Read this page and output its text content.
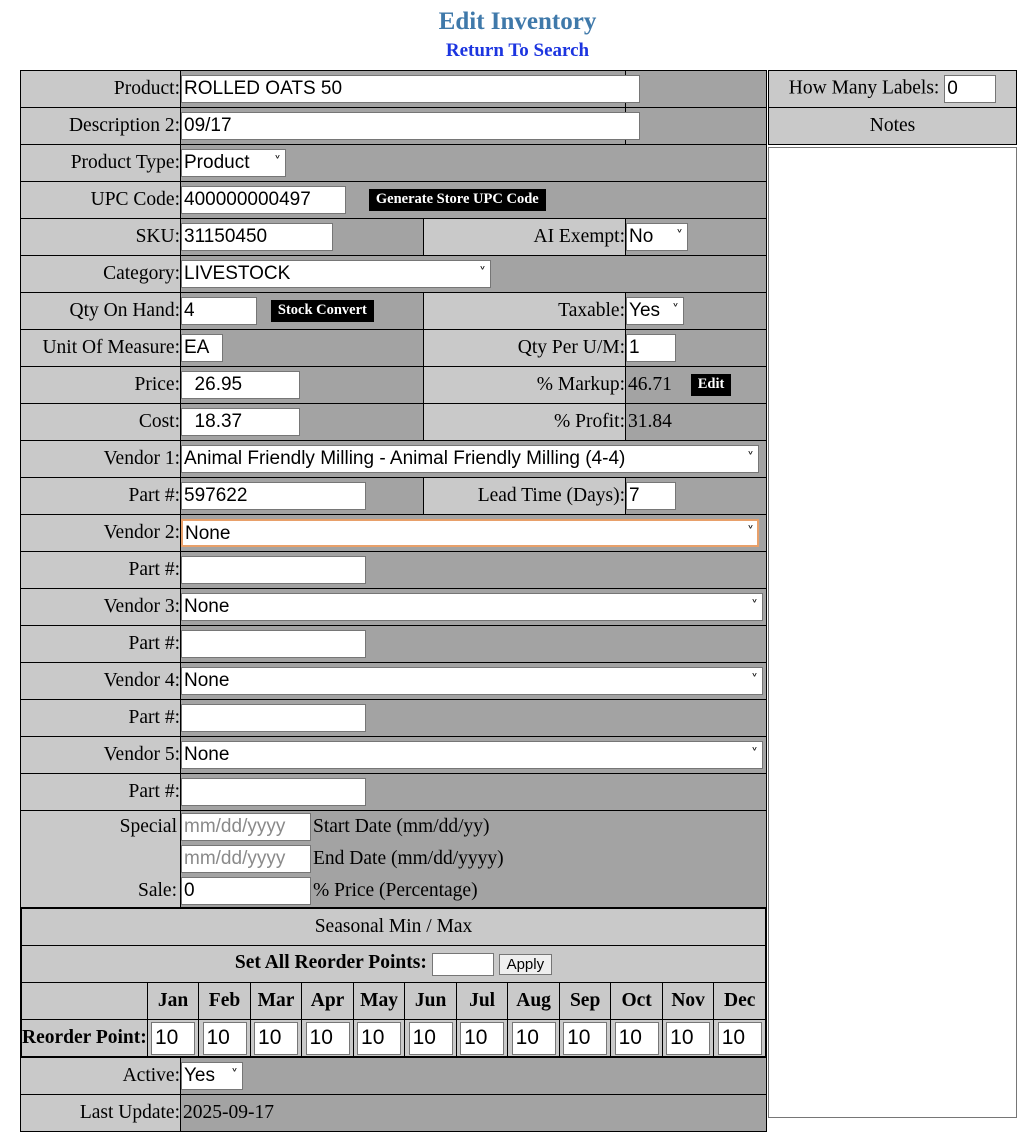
Edit Inventory
Return To Search
Product:	ROLLED OATS 50	
Description 2:	09/17	
Product Type:	
Product ˅
UPC Code:	400000000497Generate Store UPC Code
SKU:	31150450	AI Exempt:	
No ˅
Category:	
LIVESTOCK ˅
Qty On Hand:	4Stock Convert	Taxable:	
Yes ˅
Unit Of Measure:	EA	Qty Per U/M:	1
Price:	26.95	% Markup:	46.71 Edit
Cost:	18.37	% Profit:	31.84
Vendor 1:	
Animal Friendly Milling - Animal Friendly Milling (4-4) ˅
Part #:	597622	Lead Time (Days):	7
Vendor 2:	
None ˅
Part #:	
Vendor 3:	
None ˅
Part #:	
Vendor 4:	
None ˅
Part #:	
Vendor 5:	
None ˅
Part #:	

Special

Sale:

mm/dd/yyyy
Start Date (mm/dd/yy)
mm/dd/yyyy
End Date (mm/dd/yyyy)
0
% Price (Percentage)

Seasonal Min / Max
Set All Reorder Points:	Apply
	Jan	Feb	Mar	Apr	May	Jun	Jul	Aug	Sep	Oct	Nov	Dec
Reorder Point:	10	10	10	10	10	10	10	10	10	10	10	10

Active:	
Yes ˅
Last Update:	2025-09-17
How Many Labels: 0
Notes
